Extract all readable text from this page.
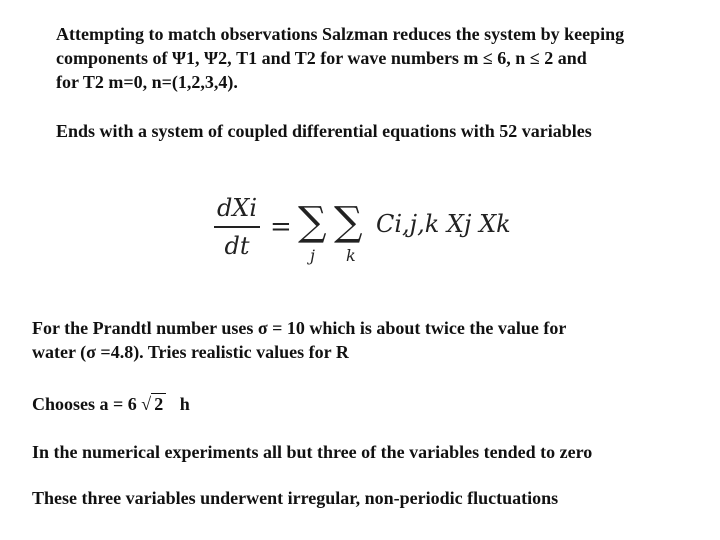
Attempting to match observations Salzman reduces the system by keeping
components of Ψ1, Ψ2, T1 and T2 for wave numbers m ≤ 6, n ≤ 2 and
for T2 m=0, n=(1,2,3,4).
Ends with a system of coupled differential equations with 52 variables
dXi
dt
= ∑
j
∑
k
Ci,j,k Xj Xk
For the Prandtl number uses σ = 10 which is about twice the value for
water (σ =4.8). Tries realistic values for R
Chooses a = 6 √ 2   h
In the numerical experiments all but three of the variables tended to zero
These three variables underwent irregular, non-periodic fluctuations
